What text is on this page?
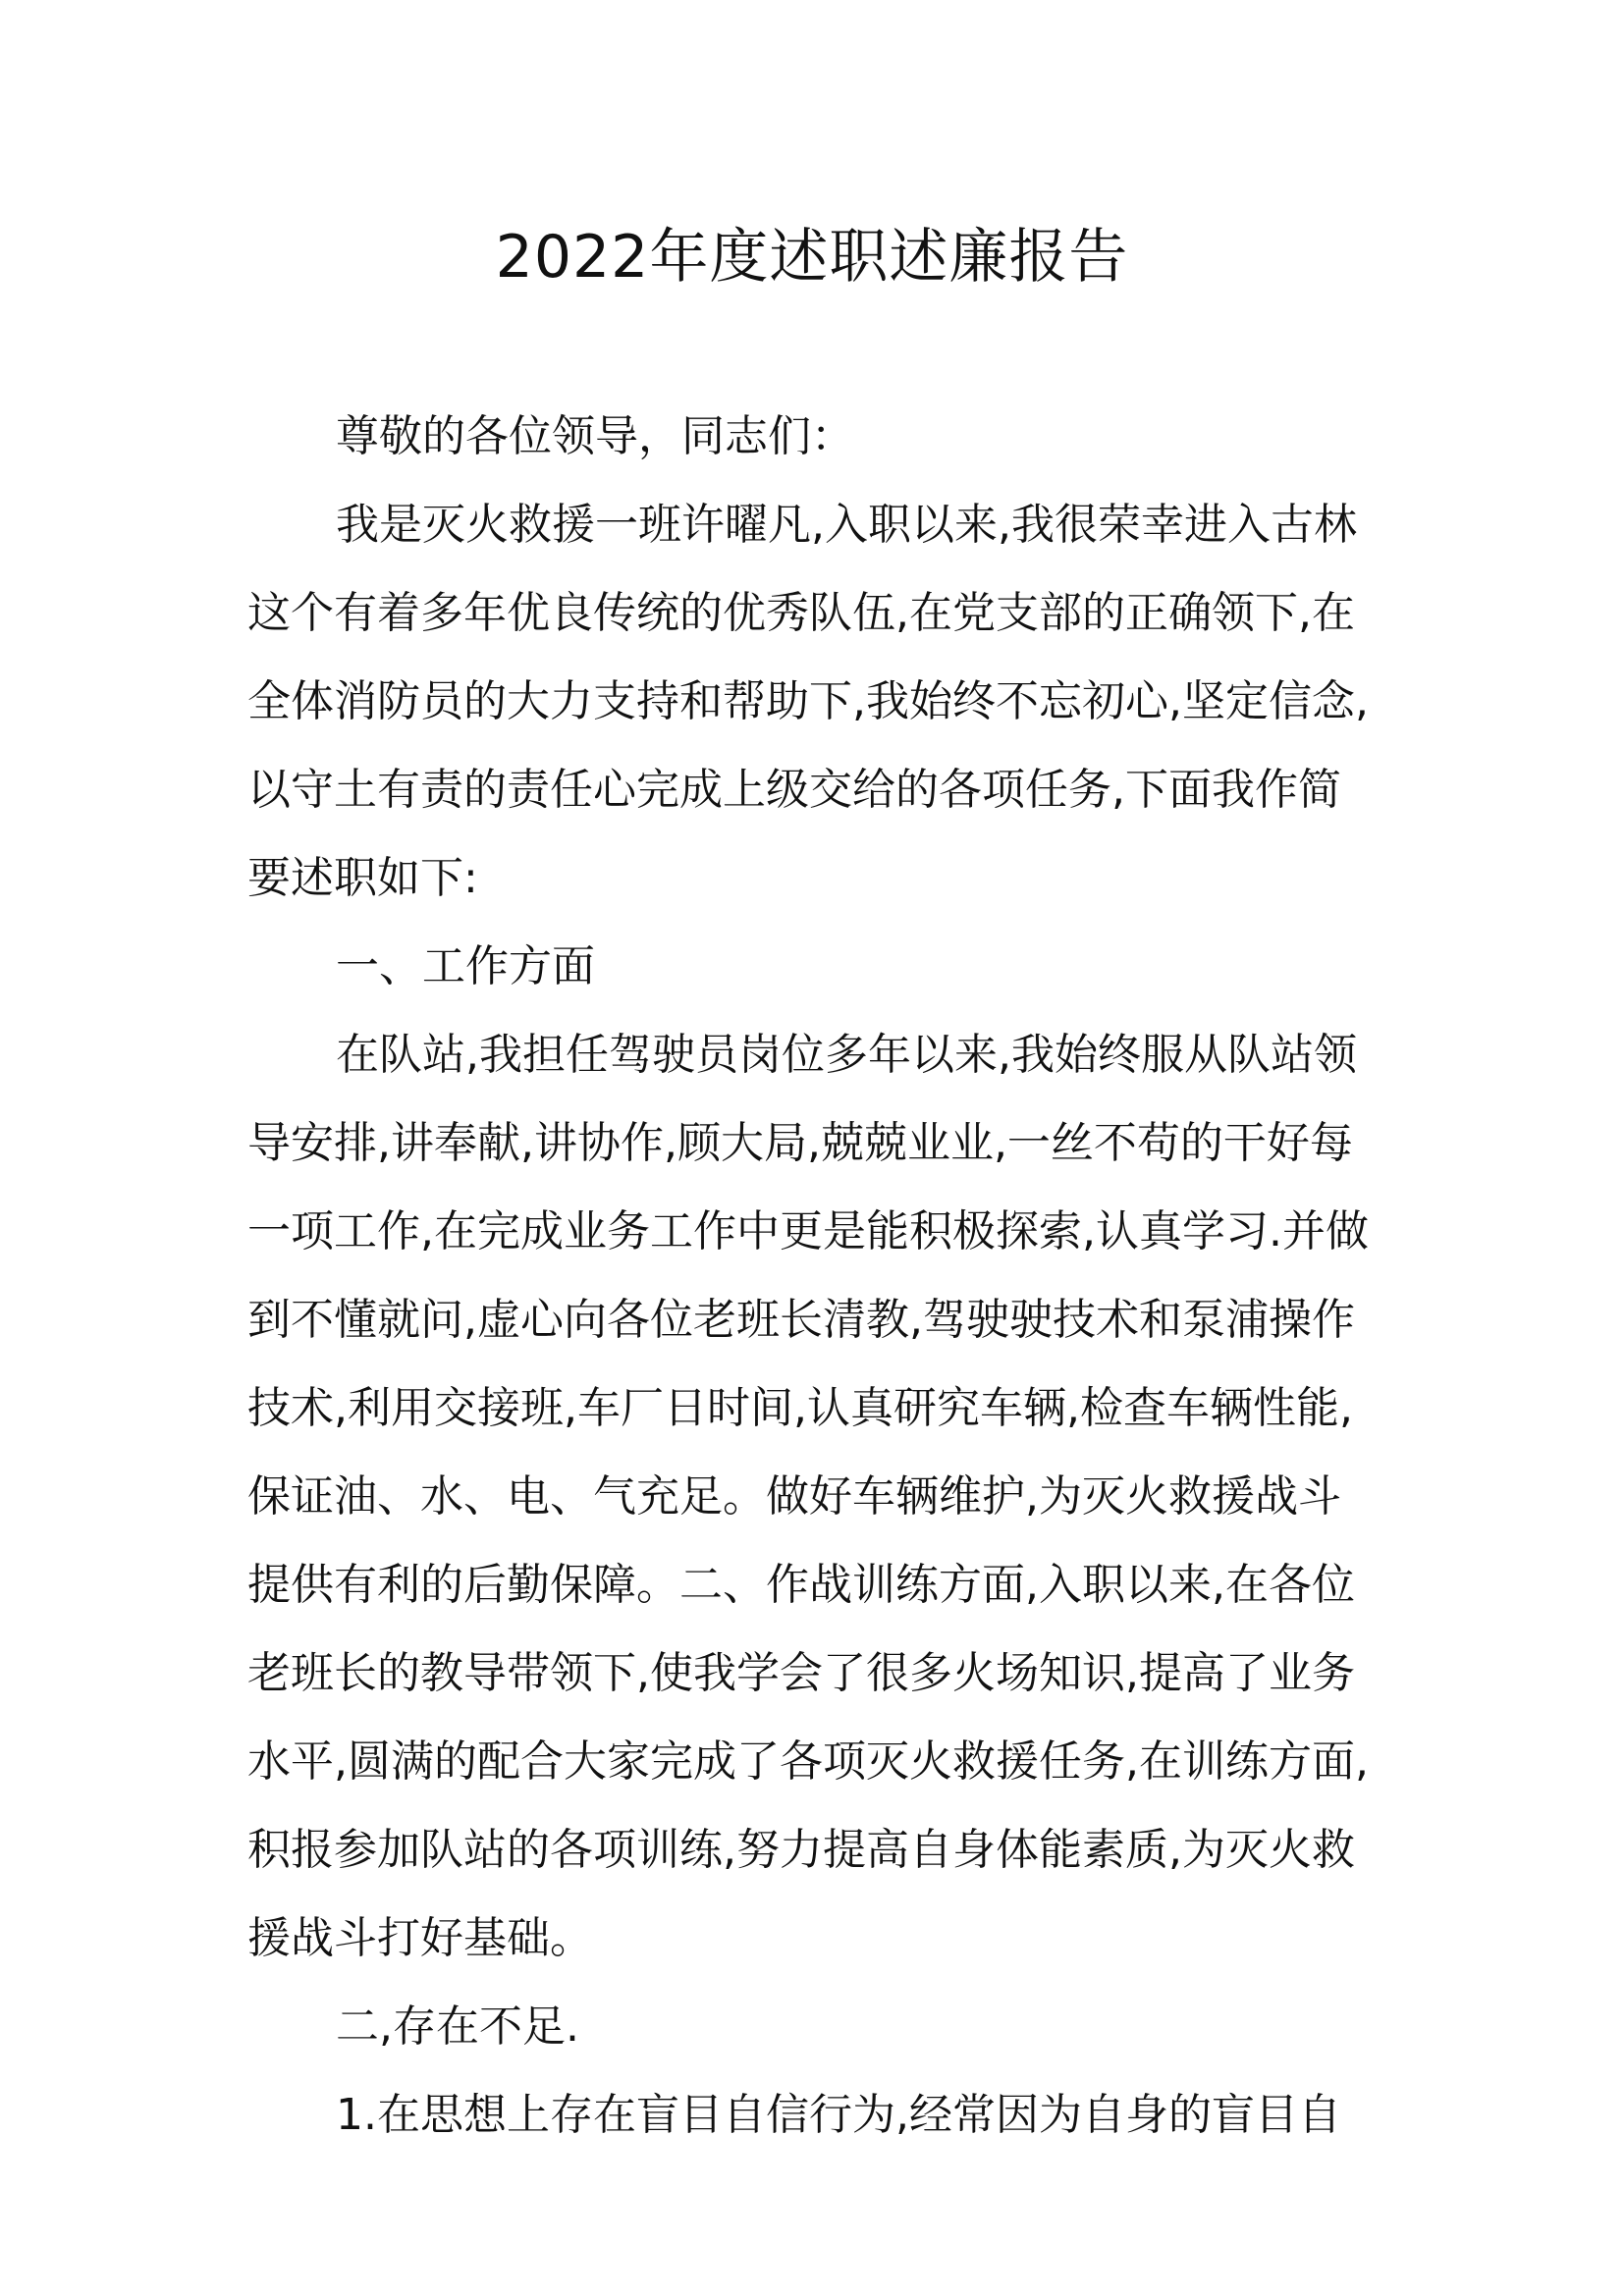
2022年度述职述廉报告
尊敬的各位领导，同志们：
我是灭火救援一班许曜凡,入职以来,我很荣幸进入古林
这个有着多年优良传统的优秀队伍,在党支部的正确领下,在
全体消防员的大力支持和帮助下,我始终不忘初心,坚定信念,
以守土有责的责任心完成上级交给的各项任务,下面我作简
要述职如下:
一、工作方面
在队站,我担任驾驶员岗位多年以来,我始终服从队站领
导安排,讲奉献,讲协作,顾大局,兢兢业业,一丝不苟的干好每
一项工作,在完成业务工作中更是能积极探索,认真学习.并做
到不懂就问,虚心向各位老班长清教,驾驶驶技术和泵浦操作
技术,利用交接班,车厂日时间,认真研究车辆,检查车辆性能,
保证油、水、电、气充足。做好车辆维护,为灭火救援战斗
提供有利的后勤保障。二、作战训练方面,入职以来,在各位
老班长的教导带领下,使我学会了很多火场知识,提高了业务
水平,圆满的配合大家完成了各项灭火救援任务,在训练方面,
积报参加队站的各项训练,努力提高自身体能素质,为灭火救
援战斗打好基础。
二,存在不足.
1.在思想上存在盲目自信行为,经常因为自身的盲目自
